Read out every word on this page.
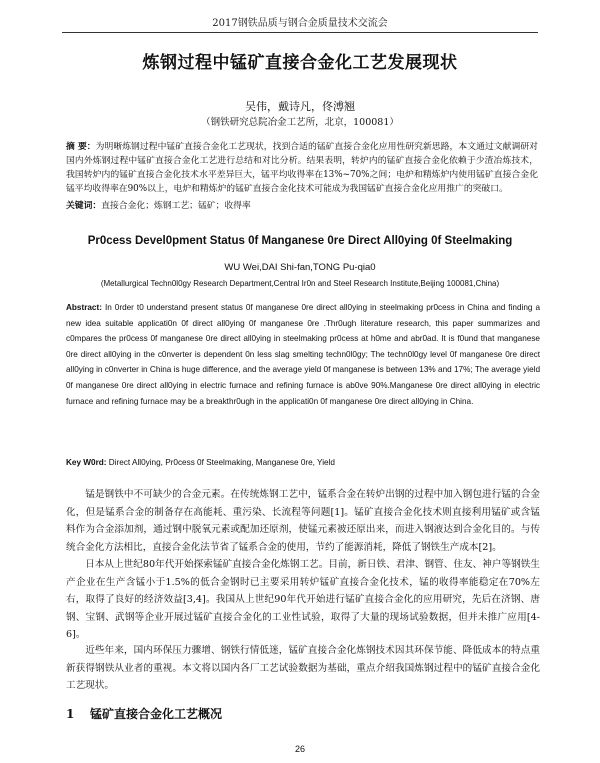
2017钢铁品质与钢合金质量技术交流会
炼钢过程中锰矿直接合金化工艺发展现状
吴伟，戴诗凡，佟溥翘
（钢铁研究总院冶金工艺所，北京，100081）
摘 要：为明晰炼钢过程中锰矿直接合金化工艺现状，找到合适的锰矿直接合金化应用性研究新思路，本文通过文献调研对国内外炼钢过程中锰矿直接合金化工艺进行总结和对比分析。结果表明，转炉内的锰矿直接合金化依赖于少渣冶炼技术，我国转炉内的锰矿直接合金化技术水平差异巨大，锰平均收得率在13%~70%之间；电炉和精炼炉内使用锰矿直接合金化锰平均收得率在90%以上，电炉和精炼炉的锰矿直接合金化技术可能成为我国锰矿直接合金化应用推广的突破口。
关键词：直接合金化；炼钢工艺；锰矿；收得率
Pr0cess Devel0pment Status 0f Manganese 0re Direct All0ying 0f Steelmaking
WU Wei,DAI Shi-fan,TONG Pu-qia0
(Metallurgical Techn0l0gy Research Department,Central Ir0n and Steel Research Institute,Beijing 100081,China)
Abstract: In 0rder t0 understand present status 0f manganese 0re direct all0ying in steelmaking pr0cess in China and finding a new idea suitable applicati0n 0f direct all0ying 0f manganese 0re .Thr0ugh literature research, this paper summarizes and c0mpares the pr0cess 0f manganese 0re direct all0ying in steelmaking pr0cess at h0me and abr0ad. It is f0und that manganese 0re direct all0ying in the c0nverter is dependent 0n less slag smelting techn0l0gy; The techn0l0gy level 0f manganese 0re direct all0ying in c0nverter in China is huge difference, and the average yield 0f manganese is between 13% and 17%; The average yield 0f manganese 0re direct all0ying in electric furnace and refining furnace is ab0ve 90%.Manganese 0re direct all0ying in electric furnace and refining furnace may be a breakthr0ugh in the applicati0n 0f manganese 0re direct all0ying in China.
Key W0rd: Direct All0ying, Pr0cess 0f Steelmaking, Manganese 0re, Yield
锰是钢铁中不可缺少的合金元素。在传统炼钢工艺中，锰系合金在转炉出钢的过程中加入钢包进行锰的合金化，但是锰系合金的制备存在高能耗、重污染、长流程等问题[1]。锰矿直接合金化技术则直接利用锰矿或含锰料作为合金添加剂，通过钢中脱氧元素或配加还原剂，使锰元素被还原出来，而进入钢液达到合金化目的。与传统合金化方法相比，直接合金化法节省了锰系合金的使用，节约了能源消耗，降低了钢铁生产成本[2]。
日本从上世纪80年代开始探索锰矿直接合金化炼钢工艺。目前，新日铁、君津、钢管、住友、神户等钢铁生产企业在生产含锰小于1.5%的低合金钢时已主要采用转炉锰矿直接合金化技术，锰的收得率能稳定在70%左右，取得了良好的经济效益[3,4]。我国从上世纪90年代开始进行锰矿直接合金化的应用研究，先后在济钢、唐钢、宝钢、武钢等企业开展过锰矿直接合金化的工业性试验，取得了大量的现场试验数据，但并未推广应用[4-6]。
近些年来，国内环保压力骤增、钢铁行情低迷，锰矿直接合金化炼钢技术因其环保节能、降低成本的特点重新获得钢铁从业者的重视。本文将以国内各厂工艺试验数据为基础，重点介绍我国炼钢过程中的锰矿直接合金化工艺现状。
1 锰矿直接合金化工艺概况
26
